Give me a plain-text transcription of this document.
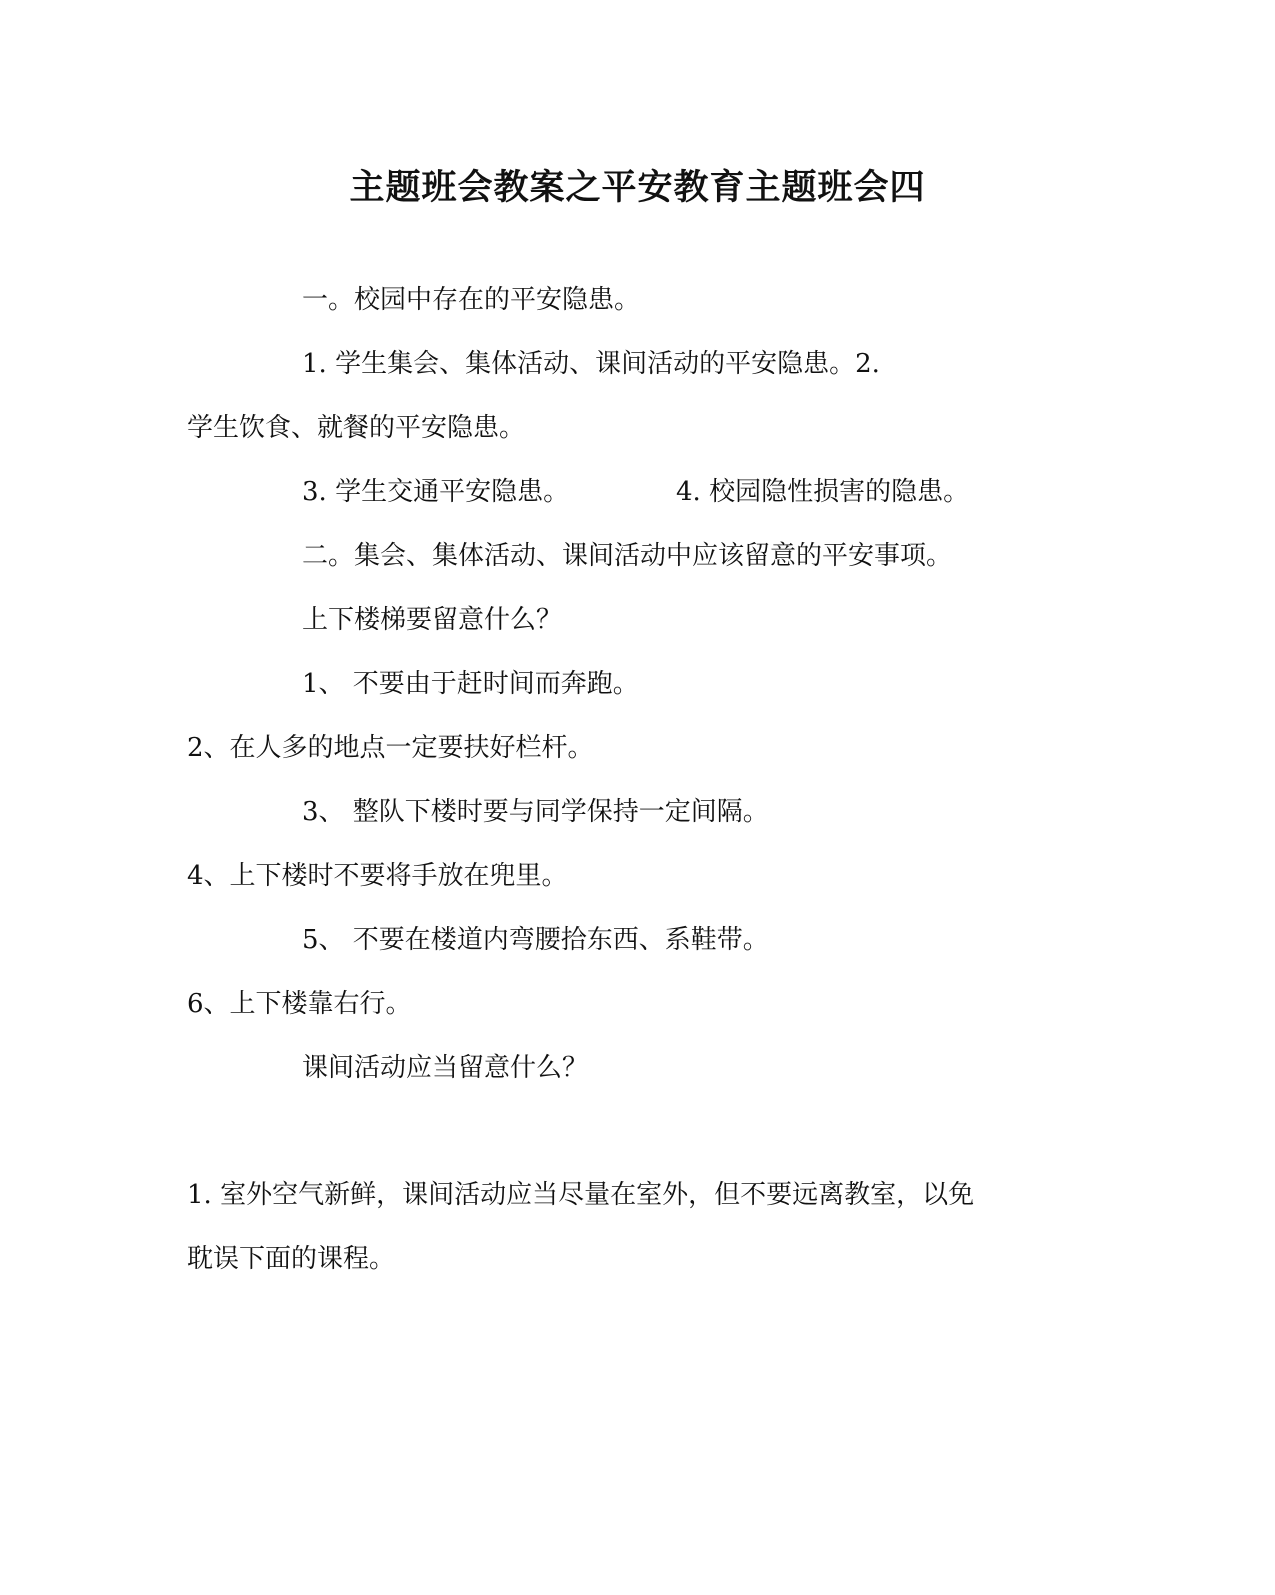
主题班会教案之平安教育主题班会四
一。校园中存在的平安隐患。
1. 学生集会、集体活动、课间活动的平安隐患。2.
学生饮食、就餐的平安隐患。
3. 学生交通平安隐患。	4. 校园隐性损害的隐患。
二。集会、集体活动、课间活动中应该留意的平安事项。
上下楼梯要留意什么？
1、 不要由于赶时间而奔跑。
2、在人多的地点一定要扶好栏杆。
3、 整队下楼时要与同学保持一定间隔。
4、上下楼时不要将手放在兜里。
5、 不要在楼道内弯腰拾东西、系鞋带。
6、上下楼靠右行。
课间活动应当留意什么？
1. 室外空气新鲜，课间活动应当尽量在室外，但不要远离教室，以免
耽误下面的课程。
